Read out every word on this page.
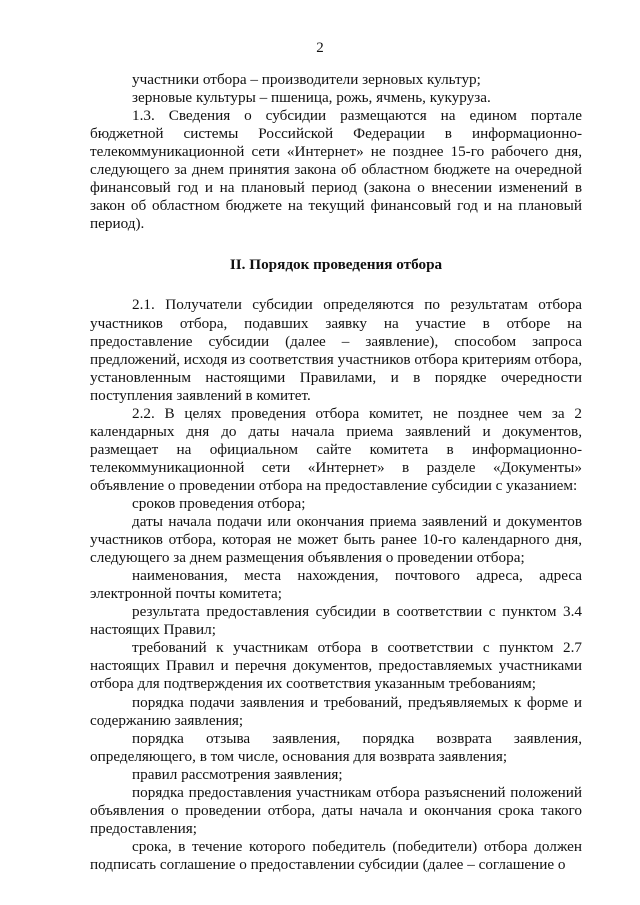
2

участники отбора – производители зерновых культур;

зерновые культуры – пшеница, рожь, ячмень, кукуруза.

1.3. Сведения о субсидии размещаются на едином портале бюджетной системы Российской Федерации в информационно-телекоммуникационной сети «Интернет» не позднее 15-го рабочего дня, следующего за днем принятия закона об областном бюджете на очередной финансовый год и на плановый период (закона о внесении изменений в закон об областном бюджете на текущий финансовый год и на плановый период).

II. Порядок проведения отбора

2.1. Получатели субсидии определяются по результатам отбора участников отбора, подавших заявку на участие в отборе на предоставление субсидии (далее – заявление), способом запроса предложений, исходя из соответствия участников отбора критериям отбора, установленным настоящими Правилами, и в порядке очередности поступления заявлений в комитет.

2.2. В целях проведения отбора комитет, не позднее чем за 2 календарных дня до даты начала приема заявлений и документов, размещает на официальном сайте комитета в информационно-телекоммуникационной сети «Интернет» в разделе «Документы» объявление о проведении отбора на предоставление субсидии с указанием:

сроков проведения отбора;

даты начала подачи или окончания приема заявлений и документов участников отбора, которая не может быть ранее 10-го календарного дня, следующего за днем размещения объявления о проведении отбора;

наименования, места нахождения, почтового адреса, адреса электронной почты комитета;

результата предоставления субсидии в соответствии с пунктом 3.4 настоящих Правил;

требований к участникам отбора в соответствии с пунктом 2.7 настоящих Правил и перечня документов, предоставляемых участниками отбора для подтверждения их соответствия указанным требованиям;

порядка подачи заявления и требований, предъявляемых к форме и содержанию заявления;

порядка отзыва заявления, порядка возврата заявления, определяющего, в том числе, основания для возврата заявления;

правил рассмотрения заявления;

порядка предоставления участникам отбора разъяснений положений объявления о проведении отбора, даты начала и окончания срока такого предоставления;

срока, в течение которого победитель (победители) отбора должен подписать соглашение о предоставлении субсидии (далее – соглашение о
